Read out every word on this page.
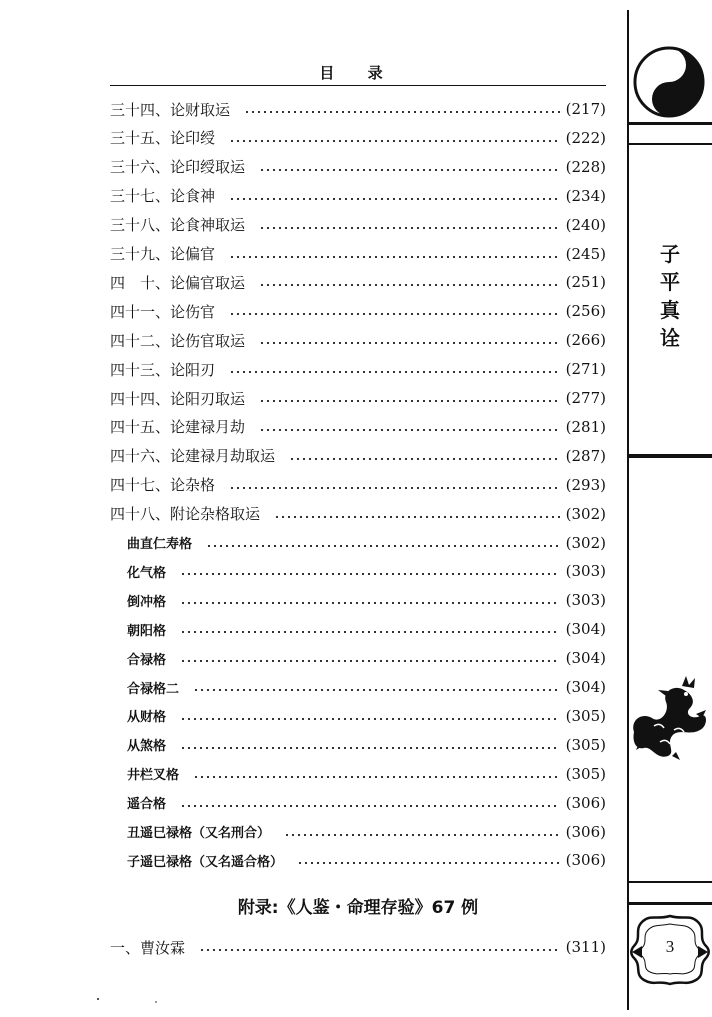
目 录
三十四、论财取运	(217)
三十五、论印绶	(222)
三十六、论印绶取运	(228)
三十七、论食神	(234)
三十八、论食神取运	(240)
三十九、论偏官	(245)
四　十、论偏官取运	(251)
四十一、论伤官	(256)
四十二、论伤官取运	(266)
四十三、论阳刃	(271)
四十四、论阳刃取运	(277)
四十五、论建禄月劫	(281)
四十六、论建禄月劫取运	(287)
四十七、论杂格	(293)
四十八、附论杂格取运	(302)
曲直仁寿格	(302)
化气格	(303)
倒冲格	(303)
朝阳格	(304)
合禄格	(304)
合禄格二	(304)
从财格	(305)
从煞格	(305)
井栏叉格	(305)
遥合格	(306)
丑遥巳禄格（又名刑合）	(306)
子遥巳禄格（又名遥合格）	(306)
附录:《人鉴・命理存验》67 例
一、曹汝霖	(311)
子
平
真
诠
3
